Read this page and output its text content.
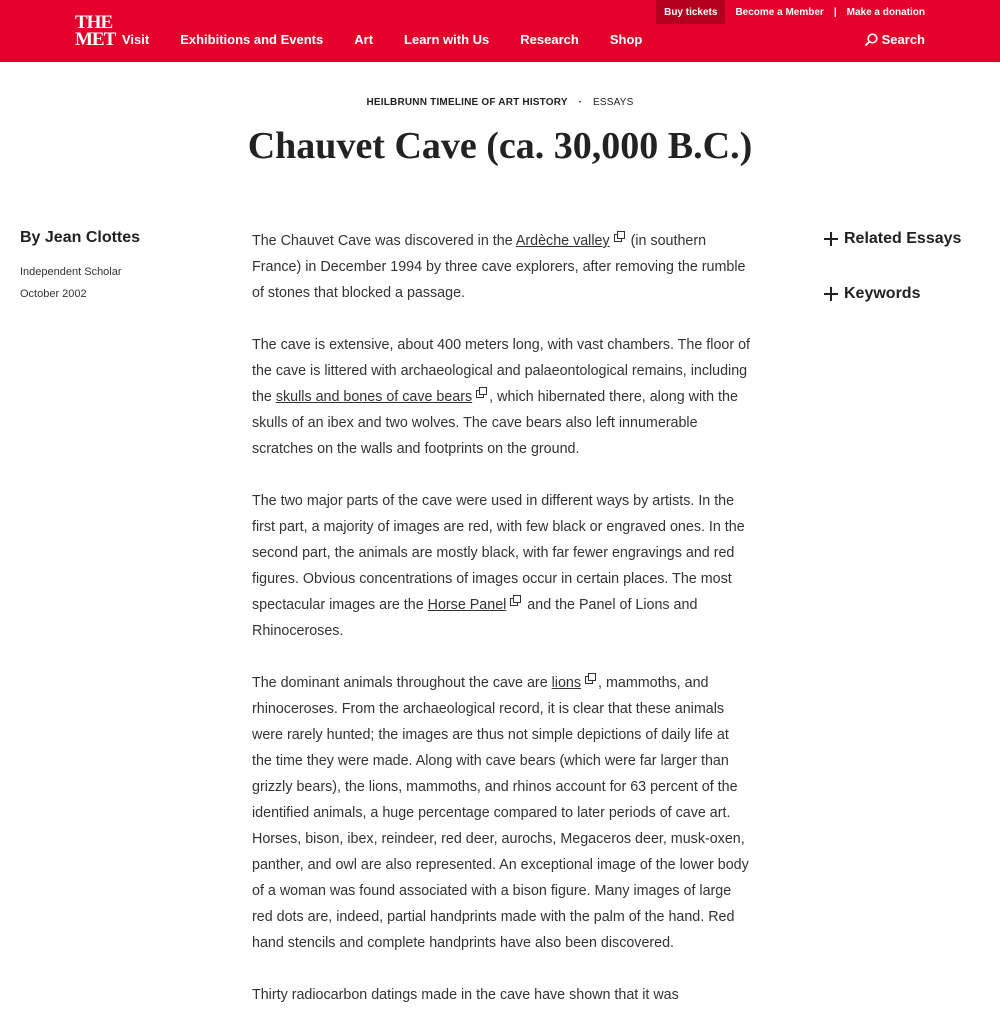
THE
MET
Buy tickets	Become a Member | Make a donation
Visit Exhibitions and Events Art Learn with Us Research Shop	Search
HEILBRUNN TIMELINE OF ART HISTORY · ESSAYS
Chauvet Cave (ca. 30,000 B.C.)
By Jean Clottes
Independent Scholar
October 2002
Related Essays
Keywords

The Chauvet Cave was discovered in the Ardèche valley (in southern France) in December 1994 by three cave explorers, after removing the rumble of stones that blocked a passage.

The cave is extensive, about 400 meters long, with vast chambers. The floor of the cave is littered with archaeological and palaeontological remains, including the skulls and bones of cave bears , which hibernated there, along with the skulls of an ibex and two wolves. The cave bears also left innumerable scratches on the walls and footprints on the ground.

The two major parts of the cave were used in different ways by artists. In the first part, a majority of images are red, with few black or engraved ones. In the second part, the animals are mostly black, with far fewer engravings and red figures. Obvious concentrations of images occur in certain places. The most spectacular images are the Horse Panel and the Panel of Lions and Rhinoceroses.

The dominant animals throughout the cave are lions , mammoths, and rhinoceroses. From the archaeological record, it is clear that these animals were rarely hunted; the images are thus not simple depictions of daily life at the time they were made. Along with cave bears (which were far larger than grizzly bears), the lions, mammoths, and rhinos account for 63 percent of the identified animals, a huge percentage compared to later periods of cave art. Horses, bison, ibex, reindeer, red deer, aurochs, Megaceros deer, musk-oxen, panther, and owl are also represented. An exceptional image of the lower body of a woman was found associated with a bison figure. Many images of large red dots are, indeed, partial handprints made with the palm of the hand. Red hand stencils and complete handprints have also been discovered.

Thirty radiocarbon datings made in the cave have shown that it was
